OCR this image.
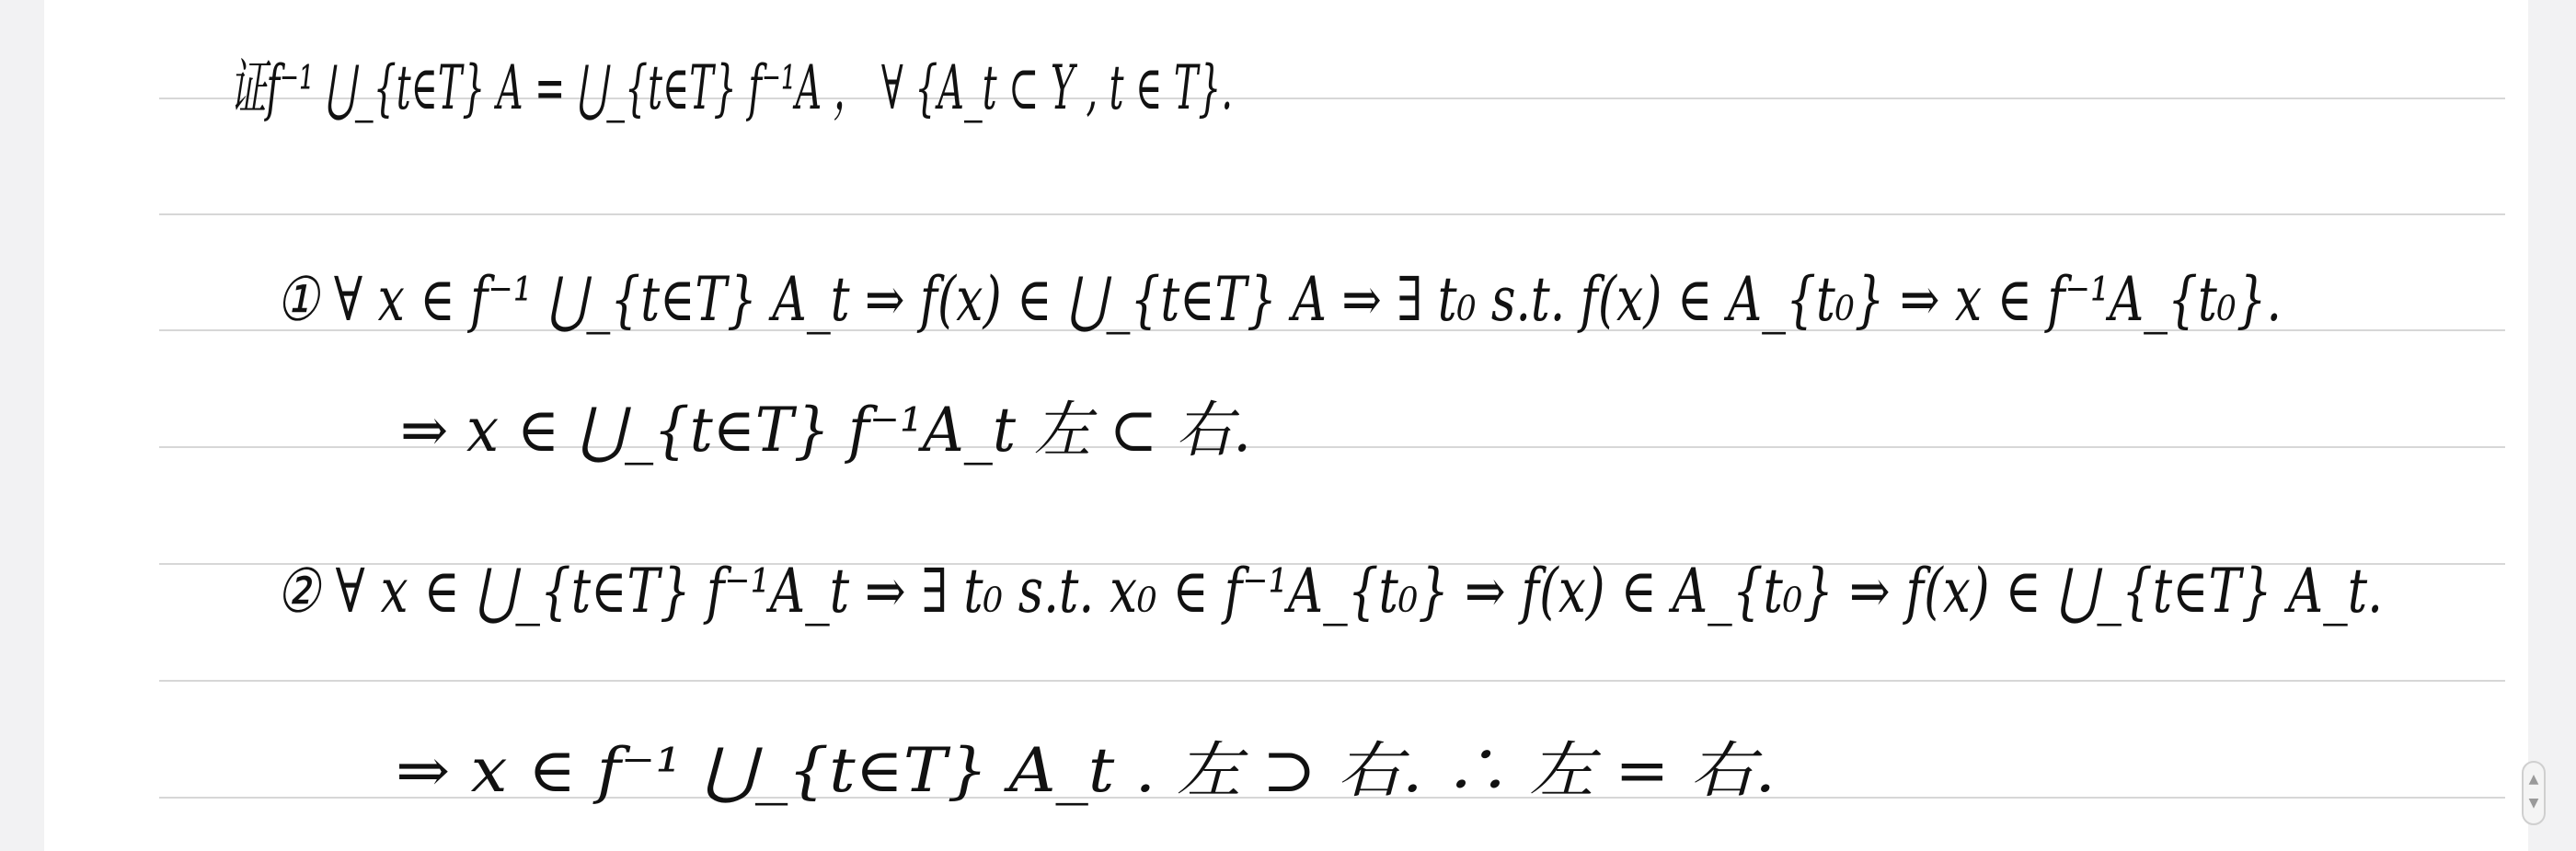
证f⁻¹ ⋃_{t∈T} A = ⋃_{t∈T} f⁻¹A ， ∀ {A_t ⊂ Y , t ∈ T}.
① ∀ x ∈ f⁻¹ ⋃_{t∈T} A_t ⇒ f(x) ∈ ⋃_{t∈T} A ⇒ ∃ t₀ s.t. f(x) ∈ A_{t₀} ⇒ x ∈ f⁻¹A_{t₀}.
⇒ x ∈ ⋃_{t∈T} f⁻¹A_t 左 ⊂ 右.
② ∀ x ∈ ⋃_{t∈T} f⁻¹A_t ⇒ ∃ t₀ s.t. x₀ ∈ f⁻¹A_{t₀} ⇒ f(x) ∈ A_{t₀} ⇒ f(x) ∈ ⋃_{t∈T} A_t.
⇒ x ∈ f⁻¹ ⋃_{t∈T} A_t . 左 ⊃ 右. ∴ 左 = 右.	▲
▼
